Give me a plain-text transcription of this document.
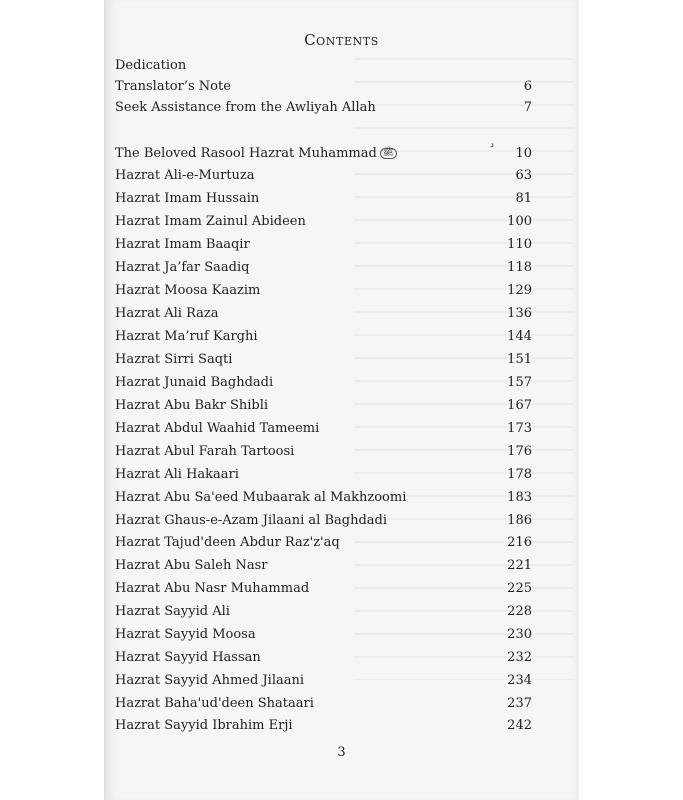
Contents
Dedication
Translator’s Note	6
Seek Assistance from the Awliyah Allah	7
ﺩ
The Beloved Rasool Hazrat Muhammad ﷺ	10
Hazrat Ali-e-Murtuza	63
Hazrat Imam Hussain	81
Hazrat Imam Zainul Abideen	100
Hazrat Imam Baaqir	110
Hazrat Ja’far Saadiq	118
Hazrat Moosa Kaazim	129
Hazrat Ali Raza	136
Hazrat Ma’ruf Karghi	144
Hazrat Sirri Saqti	151
Hazrat Junaid Baghdadi	157
Hazrat Abu Bakr Shibli	167
Hazrat Abdul Waahid Tameemi	173
Hazrat Abul Farah Tartoosi	176
Hazrat Ali Hakaari	178
Hazrat Abu Sa'eed Mubaarak al Makhzoomi	183
Hazrat Ghaus-e-Azam Jilaani al Baghdadi	186
Hazrat Tajud'deen Abdur Raz'z'aq	216
Hazrat Abu Saleh Nasr	221
Hazrat Abu Nasr Muhammad	225
Hazrat Sayyid Ali	228
Hazrat Sayyid Moosa	230
Hazrat Sayyid Hassan	232
Hazrat Sayyid Ahmed Jilaani	234
Hazrat Baha'ud'deen Shataari	237
Hazrat Sayyid Ibrahim Erji	242
3
